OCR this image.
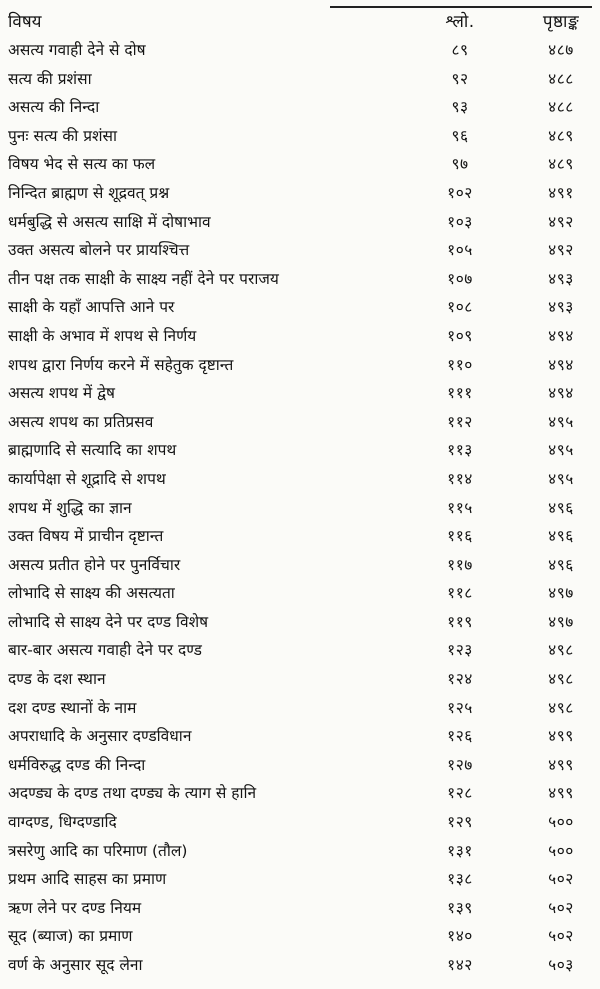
विषय	श्लो.	पृष्ठाङ्क
असत्य गवाही देने से दोष	८९	४८७
सत्य की प्रशंसा	९२	४८८
असत्य की निन्दा	९३	४८८
पुनः सत्य की प्रशंसा	९६	४८९
विषय भेद से सत्य का फल	९७	४८९
निन्दित ब्राह्मण से शूद्रवत् प्रश्न	१०२	४९१
धर्मबुद्धि से असत्य साक्षि में दोषाभाव	१०३	४९२
उक्त असत्य बोलने पर प्रायश्चित्त	१०५	४९२
तीन पक्ष तक साक्षी के साक्ष्य नहीं देने पर पराजय	१०७	४९३
साक्षी के यहाँ आपत्ति आने पर	१०८	४९३
साक्षी के अभाव में शपथ से निर्णय	१०९	४९४
शपथ द्वारा निर्णय करने में सहेतुक दृष्टान्त	११०	४९४
असत्य शपथ में द्वेष	१११	४९४
असत्य शपथ का प्रतिप्रसव	११२	४९५
ब्राह्मणादि से सत्यादि का शपथ	११३	४९५
कार्यापेक्षा से शूद्रादि से शपथ	११४	४९५
शपथ में शुद्धि का ज्ञान	११५	४९६
उक्त विषय में प्राचीन दृष्टान्त	११६	४९६
असत्य प्रतीत होने पर पुनर्विचार	११७	४९६
लोभादि से साक्ष्य की असत्यता	११८	४९७
लोभादि से साक्ष्य देने पर दण्ड विशेष	११९	४९७
बार-बार असत्य गवाही देने पर दण्ड	१२३	४९८
दण्ड के दश स्थान	१२४	४९८
दश दण्ड स्थानों के नाम	१२५	४९८
अपराधादि के अनुसार दण्डविधान	१२६	४९९
धर्मविरुद्ध दण्ड की निन्दा	१२७	४९९
अदण्ड्य के दण्ड तथा दण्ड्य के त्याग से हानि	१२८	४९९
वाग्दण्ड, धिग्दण्डादि	१२९	५००
त्रसरेणु आदि का परिमाण (तौल)	१३१	५००
प्रथम आदि साहस का प्रमाण	१३८	५०२
ऋण लेने पर दण्ड नियम	१३९	५०२
सूद (ब्याज) का प्रमाण	१४०	५०२
वर्ण के अनुसार सूद लेना	१४२	५०३
